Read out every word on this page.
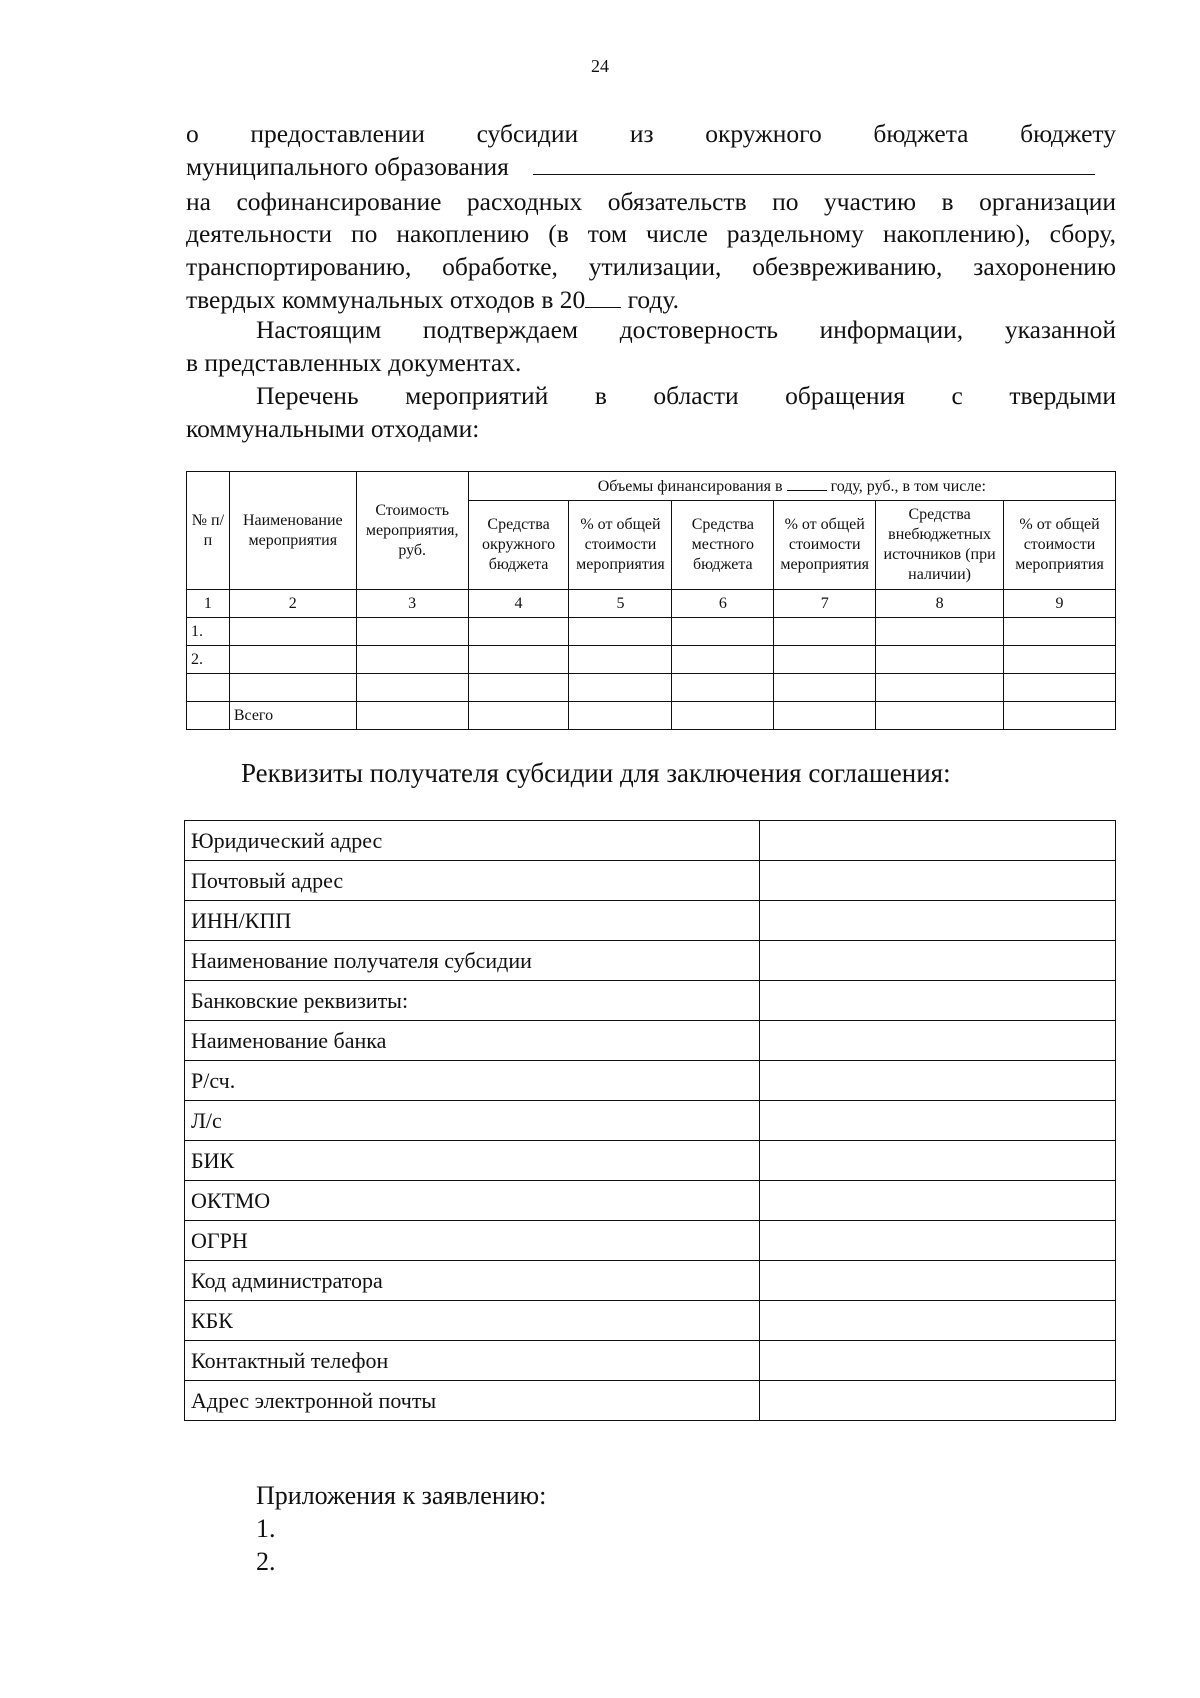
24
о предоставлении субсидии из окружного бюджета бюджету
муниципального образования
на софинансирование расходных обязательств по участию в организации
деятельности по накоплению (в том числе раздельному накоплению), сбору,
транспортированию, обработке, утилизации, обезвреживанию, захоронению
твердых коммунальных отходов в 20 году.
Настоящим подтверждаем достоверность информации, указанной
в представленных документах.
Перечень мероприятий в области обращения с твердыми
коммунальными отходами:
№ п/п	Наименование мероприятия	Стоимость мероприятия, руб.	Объемы финансирования в году, руб., в том числе:					
			Средства окружного бюджета	% от общей стоимости мероприятия	Средства местного бюджета	% от общей стоимости мероприятия	Средства внебюджетных источников (при наличии)	% от общей стоимости мероприятия
1	2	3	4	5	6	7	8	9
1.								
2.								

	Всего							
Реквизиты получателя субсидии для заключения соглашения:
Юридический адрес	
Почтовый адрес	
ИНН/КПП	
Наименование получателя субсидии	
Банковские реквизиты:	
Наименование банка	
Р/сч.	
Л/с	
БИК	
ОКТМО	
ОГРН	
Код администратора	
КБК	
Контактный телефон	
Адрес электронной почты	
Приложения к заявлению:
1.
2.
